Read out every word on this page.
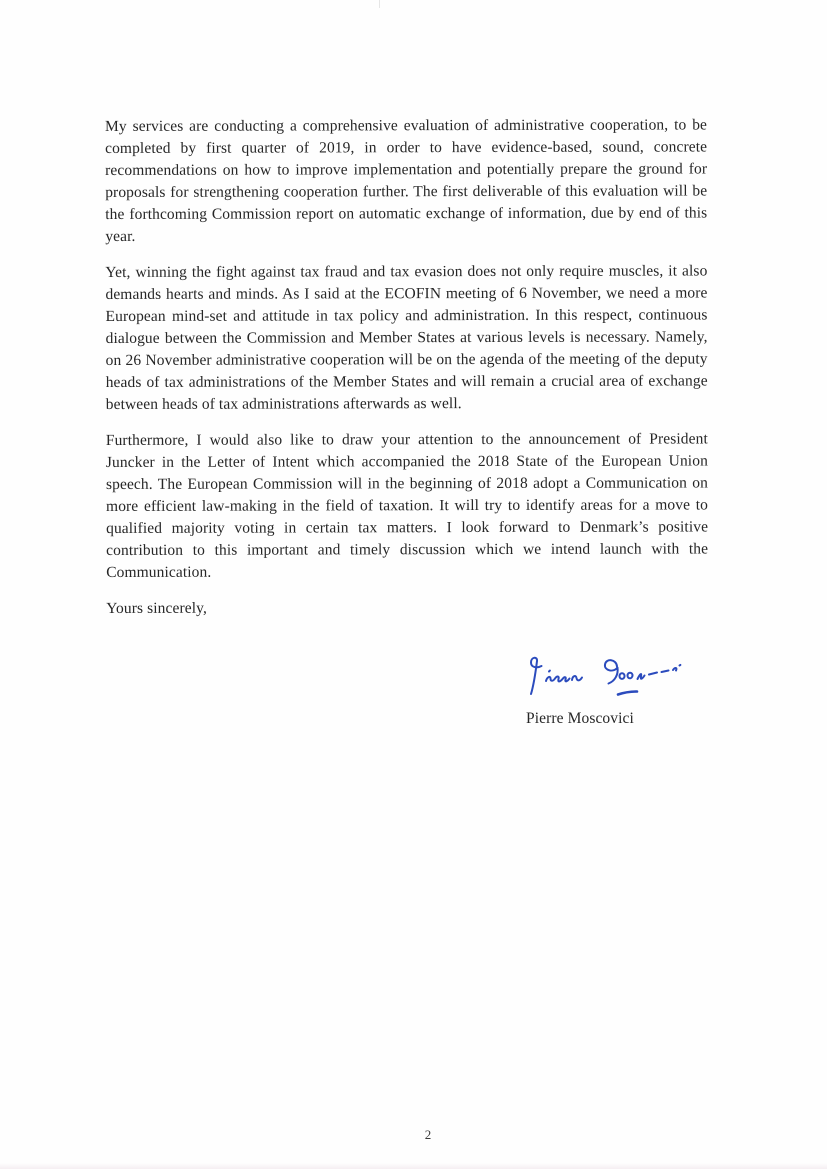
My services are conducting a comprehensive evaluation of administrative cooperation, to be completed by first quarter of 2019, in order to have evidence-based, sound, concrete recommendations on how to improve implementation and potentially prepare the ground for proposals for strengthening cooperation further. The first deliverable of this evaluation will be the forthcoming Commission report on automatic exchange of information, due by end of this year.

Yet, winning the fight against tax fraud and tax evasion does not only require muscles, it also demands hearts and minds. As I said at the ECOFIN meeting of 6 November, we need a more European mind-set and attitude in tax policy and administration. In this respect, continuous dialogue between the Commission and Member States at various levels is necessary. Namely, on 26 November administrative cooperation will be on the agenda of the meeting of the deputy heads of tax administrations of the Member States and will remain a crucial area of exchange between heads of tax administrations afterwards as well.

Furthermore, I would also like to draw your attention to the announcement of President Juncker in the Letter of Intent which accompanied the 2018 State of the European Union speech. The European Commission will in the beginning of 2018 adopt a Communication on more efficient law-making in the field of taxation. It will try to identify areas for a move to qualified majority voting in certain tax matters. I look forward to Denmark’s positive contribution to this important and timely discussion which we intend launch with the Communication.

Yours sincerely,

Pierre Moscovici
2
